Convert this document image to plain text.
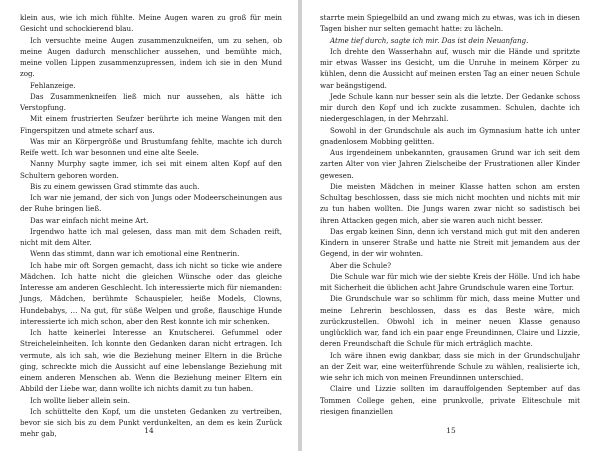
klein aus, wie ich mich fühlte. Meine Augen waren zu groß für mein Gesicht und schockierend blau.

Ich versuchte meine Augen zusammenzukneifen, um zu sehen, ob meine Augen dadurch menschlicher aussehen, und bemühte mich, meine vollen Lippen zusammenzupressen, indem ich sie in den Mund zog.

Fehlanzeige.

Das Zusammenkneifen ließ mich nur aussehen, als hätte ich Verstopfung.

Mit einem frustrierten Seufzer berührte ich meine Wangen mit den Fingerspitzen und atmete scharf aus.

Was mir an Körpergröße und Brustumfang fehlte, machte ich durch Reife wett. Ich war besonnen und eine alte Seele.

Nanny Murphy sagte immer, ich sei mit einem alten Kopf auf den Schultern geboren worden.

Bis zu einem gewissen Grad stimmte das auch.

Ich war nie jemand, der sich von Jungs oder Modeerscheinungen aus der Ruhe bringen ließ.

Das war einfach nicht meine Art.

Irgendwo hatte ich mal gelesen, dass man mit dem Schaden reift, nicht mit dem Alter.

Wenn das stimmt, dann war ich emotional eine Rentnerin.

Ich habe mir oft Sorgen gemacht, dass ich nicht so ticke wie andere Mädchen. Ich hatte nicht die gleichen Wünsche oder das gleiche Interesse am anderen Geschlecht. Ich interessierte mich für niemanden: Jungs, Mädchen, berühmte Schauspieler, heiße Models, Clowns, Hundebabys, … Na gut, für süße Welpen und große, flauschige Hunde interessierte ich mich schon, aber den Rest konnte ich mir schenken.

Ich hatte keinerlei Interesse an Knutscherei. Gefummel oder Streicheleinheiten. Ich konnte den Gedanken daran nicht ertragen. Ich vermute, als ich sah, wie die Beziehung meiner Eltern in die Brüche ging, schreckte mich die Aussicht auf eine lebenslange Beziehung mit einem anderen Menschen ab. Wenn die Beziehung meiner Eltern ein Abbild der Liebe war, dann wollte ich nichts damit zu tun haben.

Ich wollte lieber allein sein.

Ich schüttelte den Kopf, um die unsteten Gedanken zu vertreiben, bevor sie sich bis zu dem Punkt verdunkelten, an dem es kein Zurück mehr gab,	14

starrte mein Spiegelbild an und zwang mich zu etwas, was ich in diesen Tagen bisher nur selten gemacht hatte: zu lächeln.

Atme tief durch, sagte ich mir. Das ist dein Neuanfang.

Ich drehte den Wasserhahn auf, wusch mir die Hände und spritzte mir etwas Wasser ins Gesicht, um die Unruhe in meinem Körper zu kühlen, denn die Aussicht auf meinen ersten Tag an einer neuen Schule war beängstigend.

Jede Schule kann nur besser sein als die letzte. Der Gedanke schoss mir durch den Kopf und ich zuckte zusammen. Schulen, dachte ich niedergeschlagen, in der Mehrzahl.

Sowohl in der Grundschule als auch im Gymnasium hatte ich unter gnadenlosem Mobbing gelitten.

Aus irgendeinem unbekannten, grausamen Grund war ich seit dem zarten Alter von vier Jahren Zielscheibe der Frustrationen aller Kinder gewesen.

Die meisten Mädchen in meiner Klasse hatten schon am ersten Schultag beschlossen, dass sie mich nicht mochten und nichts mit mir zu tun haben wollten. Die Jungs waren zwar nicht so sadistisch bei ihren Attacken gegen mich, aber sie waren auch nicht besser.

Das ergab keinen Sinn, denn ich verstand mich gut mit den anderen Kindern in unserer Straße und hatte nie Streit mit jemandem aus der Gegend, in der wir wohnten.

Aber die Schule?

Die Schule war für mich wie der siebte Kreis der Hölle. Und ich habe mit Sicherheit die üblichen acht Jahre Grundschule waren eine Tortur.

Die Grundschule war so schlimm für mich, dass meine Mutter und meine Lehrerin beschlossen, dass es das Beste wäre, mich zurückzustellen. Obwohl ich in meiner neuen Klasse genauso unglücklich war, fand ich ein paar enge Freundinnen, Claire und Lizzie, deren Freundschaft die Schule für mich erträglich machte.

Ich wäre ihnen ewig dankbar, dass sie mich in der Grundschuljahr an der Zeit war, eine weiterführende Schule zu wählen, realisierte ich, wie sehr ich mich von meinen Freundinnen unterschied.

Claire und Lizzie sollten im darauffolgenden September auf das Tommen College gehen, eine prunkvolle, private Eliteschule mit riesigen finanziellen

15
